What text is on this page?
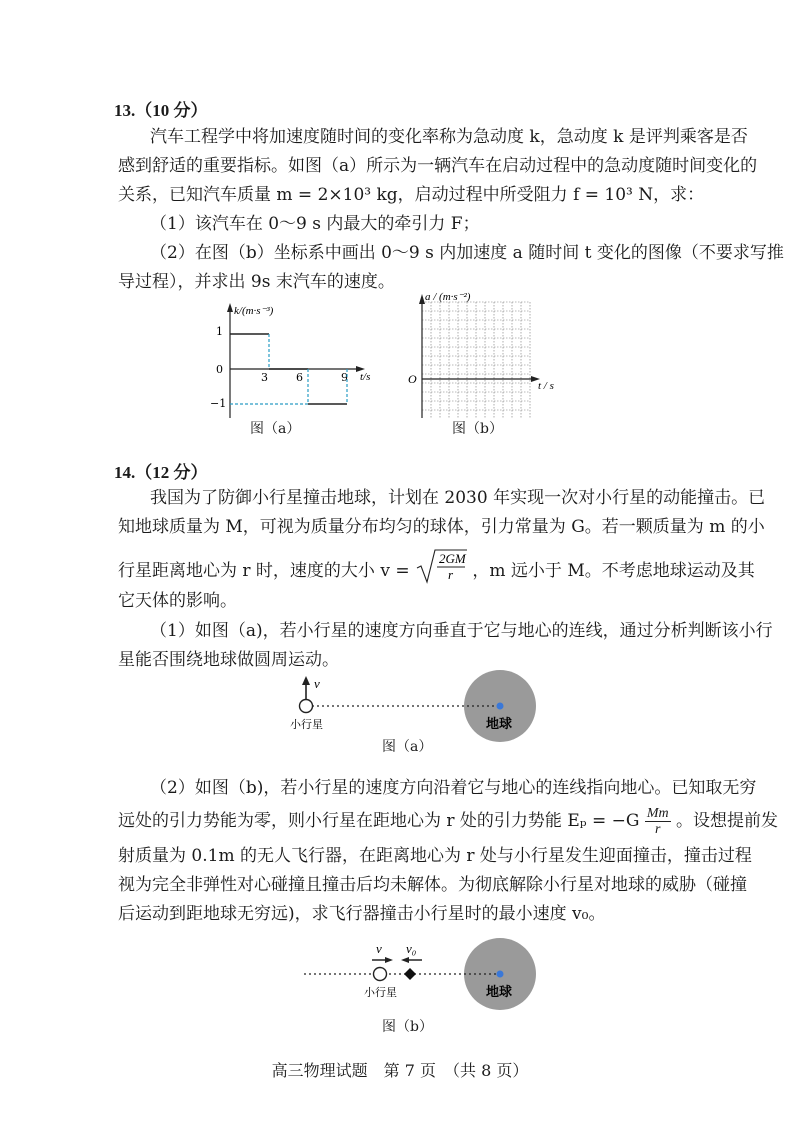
13.（10 分）
汽车工程学中将加速度随时间的变化率称为急动度 k，急动度 k 是评判乘客是否
感到舒适的重要指标。如图（a）所示为一辆汽车在启动过程中的急动度随时间变化的
关系，已知汽车质量 m = 2×10³ kg，启动过程中所受阻力 f = 10³ N，求：
（1）该汽车在 0～9 s 内最大的牵引力 F；
（2）在图（b）坐标系中画出 0～9 s 内加速度 a 随时间 t 变化的图像（不要求写推
导过程），并求出 9s 末汽车的速度。
k/(m·s⁻³)
t/s
1
0
−1
3	6	9
图（a）
a / (m·s⁻²)
t / s
O
图（b）
14.（12 分）
我国为了防御小行星撞击地球，计划在 2030 年实现一次对小行星的动能撞击。已
知地球质量为 M，可视为质量分布均匀的球体，引力常量为 G。若一颗质量为 m 的小
行星距离地心为 r 时，速度的大小 v =
2GM
r ，m 远小于 M。不考虑地球运动及其
它天体的影响。
（1）如图（a)，若小行星的速度方向垂直于它与地心的连线，通过分析判断该小行
星能否围绕地球做圆周运动。
v
小行星	地球
图（a）
（2）如图（b)，若小行星的速度方向沿着它与地心的连线指向地心。已知取无穷
远处的引力势能为零，则小行星在距地心为 r 处的引力势能 $E_p = -G \frac{Mm}{r}$ 。设想提前发
射质量为 0.1m 的无人飞行器，在距离地心为 r 处与小行星发生迎面撞击，撞击过程
视为完全非弹性对心碰撞且撞击后均未解体。为彻底解除小行星对地球的威胁（碰撞
后运动到距地球无穷远)，求飞行器撞击小行星时的最小速度 v₀。
v v₀
小行星	地球
图（b）
高三物理试题　第 7 页　（共 8 页）
